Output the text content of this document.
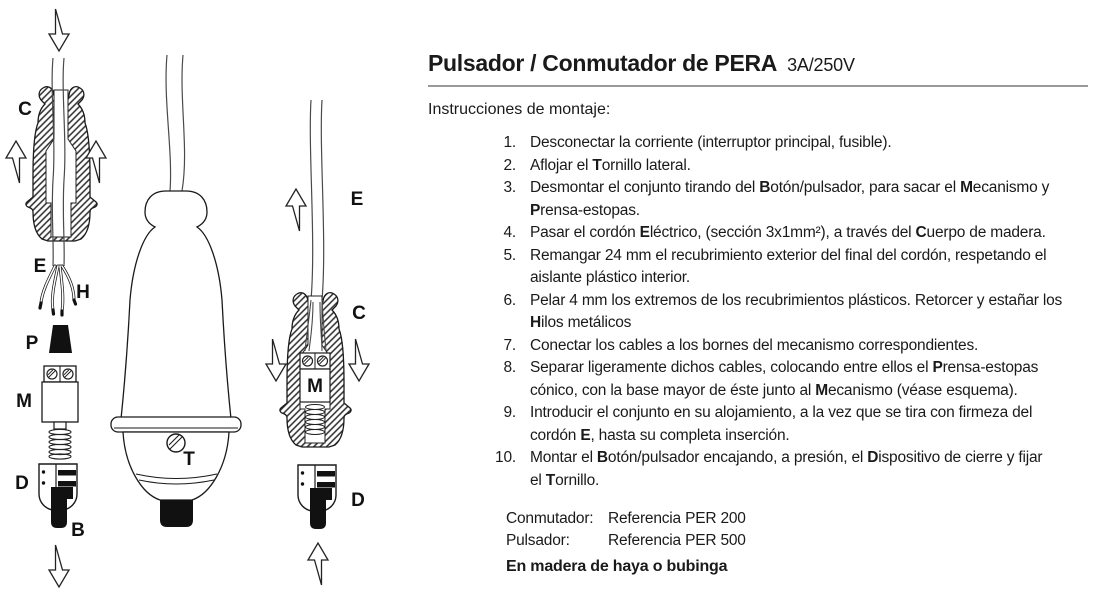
C
E
H
P
M
D
B
T
E
C
M
D
Pulsador / Conmutador de PERA 3A/250V
Instrucciones de montaje:
1. Desconectar la corriente (interruptor principal, fusible).
2. Aflojar el Tornillo lateral.
3. Desmontar el conjunto tirando del Botón/pulsador, para sacar el Mecanismo y
Prensa-estopas.
4. Pasar el cordón Eléctrico, (sección 3x1mm²), a través del Cuerpo de madera.
5. Remangar 24 mm el recubrimiento exterior del final del cordón, respetando el
aislante plástico interior.
6. Pelar 4 mm los extremos de los recubrimientos plásticos. Retorcer y estañar los
Hilos metálicos
7. Conectar los cables a los bornes del mecanismo correspondientes.
8. Separar ligeramente dichos cables, colocando entre ellos el Prensa-estopas
cónico, con la base mayor de éste junto al Mecanismo (véase esquema).
9. Introducir el conjunto en su alojamiento, a la vez que se tira con firmeza del
cordón E, hasta su completa inserción.
10. Montar el Botón/pulsador encajando, a presión, el Dispositivo de cierre y fijar
el Tornillo.
Conmutador: Referencia PER 200
Pulsador:	Referencia PER 500
En madera de haya o bubinga
